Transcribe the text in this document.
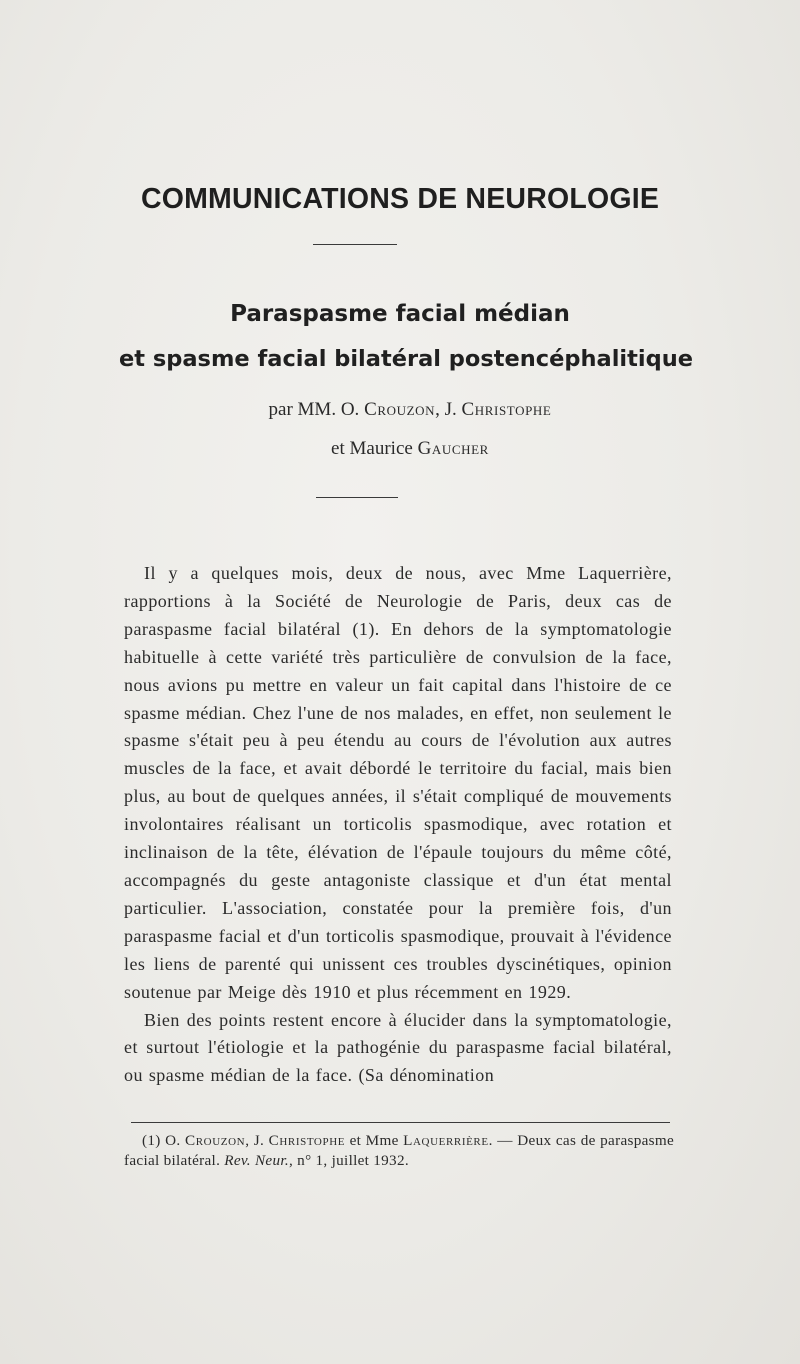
COMMUNICATIONS DE NEUROLOGIE
Paraspasme facial médian
et spasme facial bilatéral postencéphalitique
par MM. O. Crouzon, J. Christophe
et Maurice Gaucher

Il y a quelques mois, deux de nous, avec Mme Laquerrière, rapportions à la Société de Neurologie de Paris, deux cas de paraspasme facial bilatéral (1). En dehors de la symptomatologie habituelle à cette variété très particulière de convulsion de la face, nous avions pu mettre en valeur un fait capital dans l'histoire de ce spasme médian. Chez l'une de nos malades, en effet, non seulement le spasme s'était peu à peu étendu au cours de l'évolution aux autres muscles de la face, et avait débordé le territoire du facial, mais bien plus, au bout de quelques années, il s'était compliqué de mouvements involontaires réalisant un torticolis spasmodique, avec rotation et inclinaison de la tête, élévation de l'épaule toujours du même côté, accompagnés du geste antagoniste classique et d'un état mental particulier. L'association, constatée pour la première fois, d'un paraspasme facial et d'un torticolis spasmodique, prouvait à l'évidence les liens de parenté qui unissent ces troubles dyscinétiques, opinion soutenue par Meige dès 1910 et plus récemment en 1929.

Bien des points restent encore à élucider dans la symptomatologie, et surtout l'étiologie et la pathogénie du paraspasme facial bilatéral, ou spasme médian de la face. (Sa dénomination

(1) O. Crouzon, J. Christophe et Mme Laquerrière. — Deux cas de paraspasme facial bilatéral. Rev. Neur., n° 1, juillet 1932.
